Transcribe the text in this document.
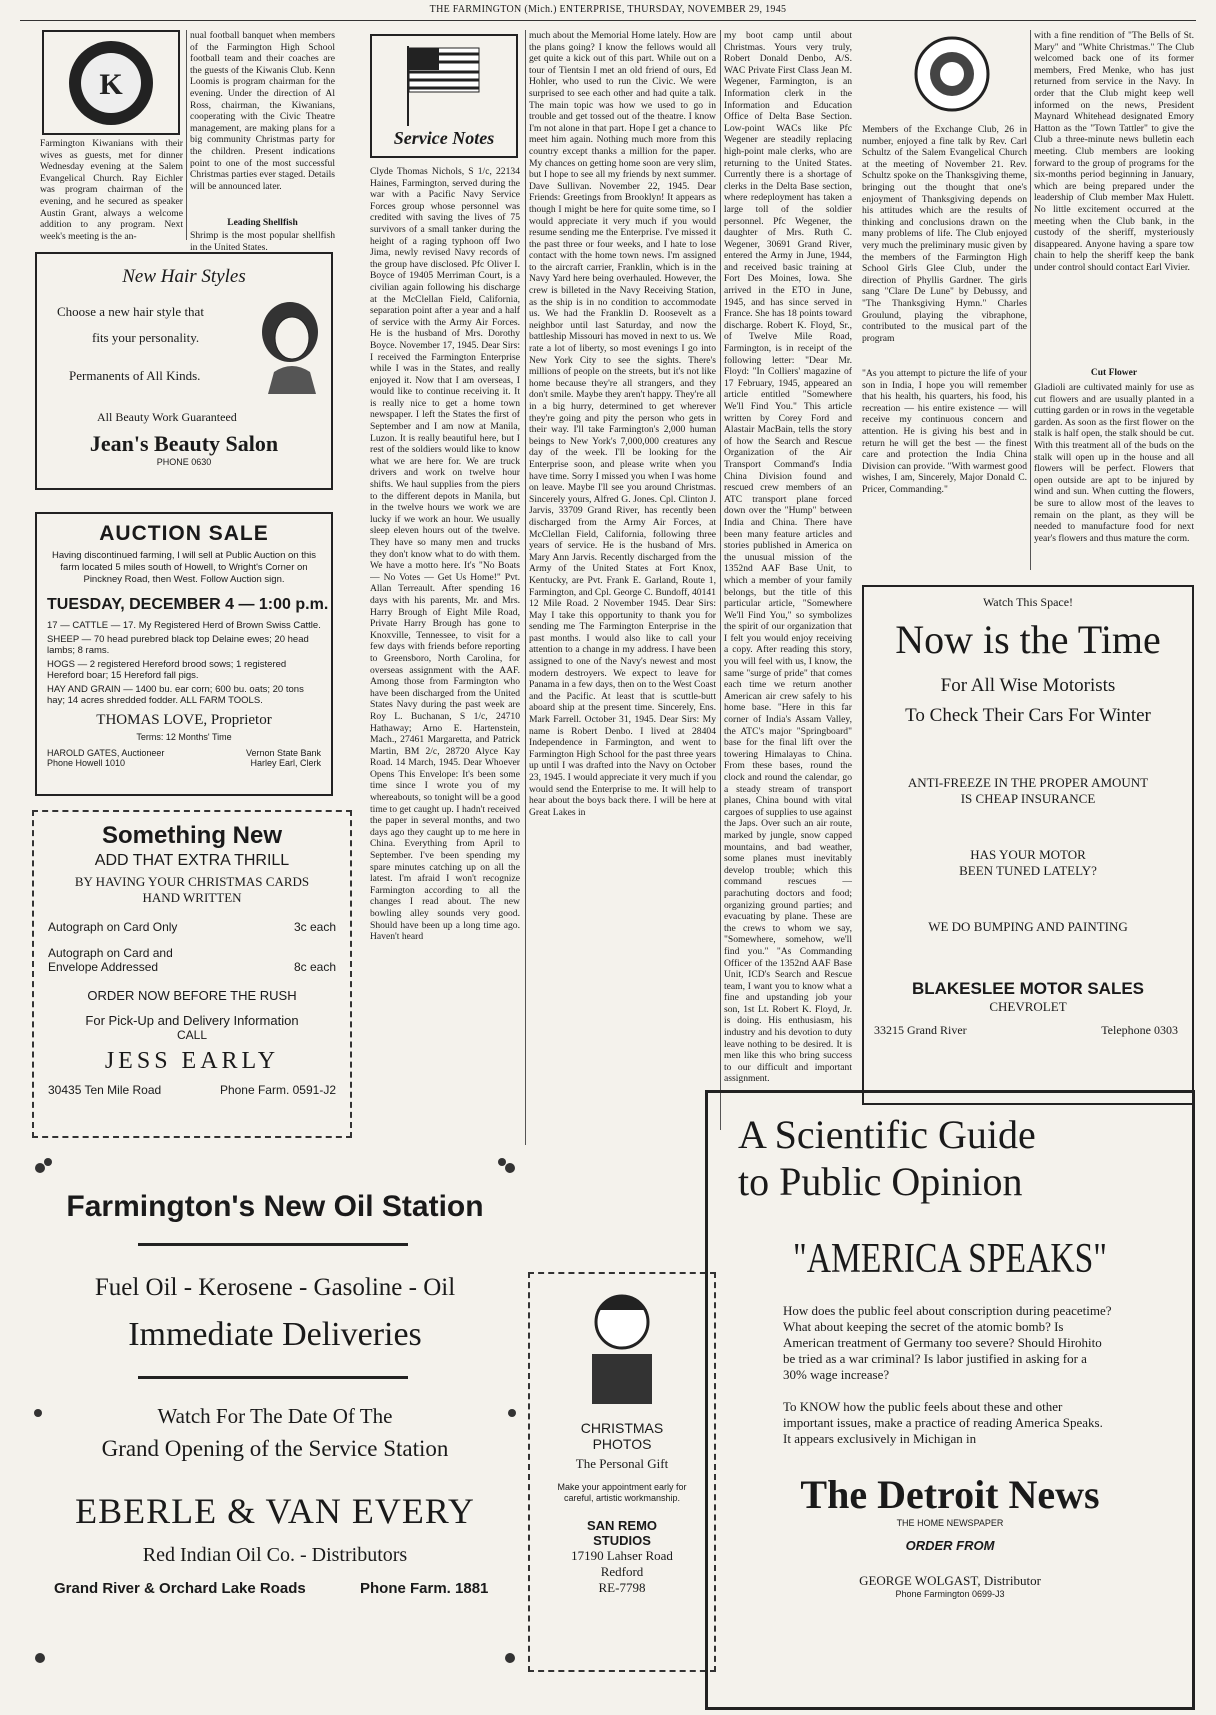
THE FARMINGTON (Mich.) ENTERPRISE, THURSDAY, NOVEMBER 29, 1945
K
Farmington Kiwanians with their wives as guests, met for dinner Wednesday evening at the Salem Evangelical Church. Ray Eichler was program chairman of the evening, and he secured as speaker Austin Grant, always a welcome addition to any program. Next week's meeting is the an-
nual football banquet when members of the Farmington High School football team and their coaches are the guests of the Kiwanis Club. Kenn Loomis is program chairman for the evening. Under the direction of Al Ross, chairman, the Kiwanians, cooperating with the Civic Theatre management, are making plans for a big community Christmas party for the children. Present indications point to one of the most successful Christmas parties ever staged. Details will be announced later.
Leading Shellfish
Shrimp is the most popular shellfish in the United States.
New Hair Styles
Choose a new hair style that
fits your personality.
Permanents of All Kinds.
All Beauty Work Guaranteed
Jean's Beauty Salon
PHONE 0630
AUCTION SALE
Having discontinued farming, I will sell at Public Auction on this farm located 5 miles south of Howell, to Wright's Corner on Pinckney Road, then West. Follow Auction sign.
TUESDAY, DECEMBER 4 — 1:00 p.m.
17 — CATTLE — 17. My Registered Herd of Brown Swiss Cattle.
SHEEP — 70 head purebred black top Delaine ewes; 20 head lambs; 8 rams.
HOGS — 2 registered Hereford brood sows; 1 registered Hereford boar; 15 Hereford fall pigs.
HAY AND GRAIN — 1400 bu. ear corn; 600 bu. oats; 20 tons hay; 14 acres shredded fodder. ALL FARM TOOLS.
THOMAS LOVE, Proprietor
Terms: 12 Months' Time
HAROLD GATES, Auctioneer	Vernon State Bank
Phone Howell 1010	Harley Earl, Clerk
Something New
ADD THAT EXTRA THRILL
BY HAVING YOUR CHRISTMAS CARDS
HAND WRITTEN
Autograph on Card Only	3c each
Autograph on Card and Envelope Addressed	8c each
ORDER NOW BEFORE THE RUSH
For Pick-Up and Delivery Information
CALL
JESS EARLY
30435 Ten Mile Road	Phone Farm. 0591-J2
Farmington's New Oil Station
Fuel Oil - Kerosene - Gasoline - Oil
Immediate Deliveries
Watch For The Date Of The
Grand Opening of the Service Station
EBERLE & VAN EVERY
Red Indian Oil Co. - Distributors
Grand River & Orchard Lake Roads	Phone Farm. 1881
Service Notes
Clyde Thomas Nichols, S 1/c, 22134 Haines, Farmington, served during the war with a Pacific Navy Service Forces group whose personnel was credited with saving the lives of 75 survivors of a small tanker during the height of a raging typhoon off Iwo Jima, newly revised Navy records of the group have disclosed. Pfc Oliver I. Boyce of 19405 Merriman Court, is a civilian again following his discharge at the McClellan Field, California, separation point after a year and a half of service with the Army Air Forces. He is the husband of Mrs. Dorothy Boyce. November 17, 1945. Dear Sirs: I received the Farmington Enterprise while I was in the States, and really enjoyed it. Now that I am overseas, I would like to continue receiving it. It is really nice to get a home town newspaper. I left the States the first of September and I am now at Manila, Luzon. It is really beautiful here, but I rest of the soldiers would like to know what we are here for. We are truck drivers and work on twelve hour shifts. We haul supplies from the piers to the different depots in Manila, but in the twelve hours we work we are lucky if we work an hour. We usually sleep eleven hours out of the twelve. They have so many men and trucks they don't know what to do with them. We have a motto here. It's "No Boats — No Votes — Get Us Home!" Pvt. Allan Terreault. After spending 16 days with his parents, Mr. and Mrs. Harry Brough of Eight Mile Road, Private Harry Brough has gone to Knoxville, Tennessee, to visit for a few days with friends before reporting to Greensboro, North Carolina, for overseas assignment with the AAF. Among those from Farmington who have been discharged from the United States Navy during the past week are Roy L. Buchanan, S 1/c, 24710 Hathaway; Arno E. Hartenstein, Mach., 27461 Margaretta, and Patrick Martin, BM 2/c, 28720 Alyce Kay Road. 14 March, 1945. Dear Whoever Opens This Envelope: It's been some time since I wrote you of my whereabouts, so tonight will be a good time to get caught up. I hadn't received the paper in several months, and two days ago they caught up to me here in China. Everything from April to September. I've been spending my spare minutes catching up on all the latest. I'm afraid I won't recognize Farmington according to all the changes I read about. The new bowling alley sounds very good. Should have been up a long time ago. Haven't heard
much about the Memorial Home lately. How are the plans going? I know the fellows would all get quite a kick out of this part. While out on a tour of Tientsin I met an old friend of ours, Ed Hohler, who used to run the Civic. We were surprised to see each other and had quite a talk. The main topic was how we used to go in trouble and get tossed out of the theatre. I know I'm not alone in that part. Hope I get a chance to meet him again. Nothing much more from this country except thanks a million for the paper. My chances on getting home soon are very slim, but I hope to see all my friends by next summer. Dave Sullivan. November 22, 1945. Dear Friends: Greetings from Brooklyn! It appears as though I might be here for quite some time, so I would appreciate it very much if you would resume sending me the Enterprise. I've missed it the past three or four weeks, and I hate to lose contact with the home town news. I'm assigned to the aircraft carrier, Franklin, which is in the Navy Yard here being overhauled. However, the crew is billeted in the Navy Receiving Station, as the ship is in no condition to accommodate us. We had the Franklin D. Roosevelt as a neighbor until last Saturday, and now the battleship Missouri has moved in next to us. We rate a lot of liberty, so most evenings I go into New York City to see the sights. There's millions of people on the streets, but it's not like home because they're all strangers, and they don't smile. Maybe they aren't happy. They're all in a big hurry, determined to get wherever they're going and pity the person who gets in their way. I'll take Farmington's 2,000 human beings to New York's 7,000,000 creatures any day of the week. I'll be looking for the Enterprise soon, and please write when you have time. Sorry I missed you when I was home on leave. Maybe I'll see you around Christmas. Sincerely yours, Alfred G. Jones. Cpl. Clinton J. Jarvis, 33709 Grand River, has recently been discharged from the Army Air Forces, at McClellan Field, California, following three years of service. He is the husband of Mrs. Mary Ann Jarvis. Recently discharged from the Army of the United States at Fort Knox, Kentucky, are Pvt. Frank E. Garland, Route 1, Farmington, and Cpl. George C. Bundoff, 40141 12 Mile Road. 2 November 1945. Dear Sirs: May I take this opportunity to thank you for sending me The Farmington Enterprise in the past months. I would also like to call your attention to a change in my address. I have been assigned to one of the Navy's newest and most modern destroyers. We expect to leave for Panama in a few days, then on to the West Coast and the Pacific. At least that is scuttle-butt aboard ship at the present time. Sincerely, Ens. Mark Farrell. October 31, 1945. Dear Sirs: My name is Robert Denbo. I lived at 28404 Independence in Farmington, and went to Farmington High School for the past three years up until I was drafted into the Navy on October 23, 1945. I would appreciate it very much if you would send the Enterprise to me. It will help to hear about the boys back there. I will be here at Great Lakes in
my boot camp until about Christmas. Yours very truly, Robert Donald Denbo, A/S. WAC Private First Class Jean M. Wegener, Farmington, is an Information clerk in the Information and Education Office of Delta Base Section. Low-point WACs like Pfc Wegener are steadily replacing high-point male clerks, who are returning to the United States. Currently there is a shortage of clerks in the Delta Base section, where redeployment has taken a large toll of the soldier personnel. Pfc Wegener, the daughter of Mrs. Ruth C. Wegener, 30691 Grand River, entered the Army in June, 1944, and received basic training at Fort Des Moines, Iowa. She arrived in the ETO in June, 1945, and has since served in France. She has 18 points toward discharge. Robert K. Floyd, Sr., of Twelve Mile Road, Farmington, is in receipt of the following letter: "Dear Mr. Floyd: "In Colliers' magazine of 17 February, 1945, appeared an article entitled "Somewhere We'll Find You." This article written by Corey Ford and Alastair MacBain, tells the story of how the Search and Rescue Organization of the Air Transport Command's India China Division found and rescued crew members of an ATC transport plane forced down over the "Hump" between India and China. There have been many feature articles and stories published in America on the unusual mission of the 1352nd AAF Base Unit, to which a member of your family belongs, but the title of this particular article, "Somewhere We'll Find You," so symbolizes the spirit of our organization that I felt you would enjoy receiving a copy. After reading this story, you will feel with us, I know, the same "surge of pride" that comes each time we return another American air crew safely to his home base. "Here in this far corner of India's Assam Valley, the ATC's major "Springboard" base for the final lift over the towering Himalayas to China. From these bases, round the clock and round the calendar, go a steady stream of transport planes, China bound with vital cargoes of supplies to use against the Japs. Over such an air route, marked by jungle, snow capped mountains, and bad weather, some planes must inevitably develop trouble; which this command rescues — parachuting doctors and food; organizing ground parties; and evacuating by plane. These are the crews to whom we say, "Somewhere, somehow, we'll find you." "As Commanding Officer of the 1352nd AAF Base Unit, ICD's Search and Rescue team, I want you to know what a fine and upstanding job your son, 1st Lt. Robert K. Floyd, Jr. is doing. His enthusiasm, his industry and his devotion to duty leave nothing to be desired. It is men like this who bring success to our difficult and important assignment.
CHRISTMAS
PHOTOS
The Personal Gift
Make your appointment early for careful, artistic workmanship.
SAN REMO
STUDIOS
17190 Lahser Road
Redford
RE-7798
Members of the Exchange Club, 26 in number, enjoyed a fine talk by Rev. Carl Schultz of the Salem Evangelical Church at the meeting of November 21. Rev. Schultz spoke on the Thanksgiving theme, bringing out the thought that one's enjoyment of Thanksgiving depends on his attitudes which are the results of thinking and conclusions drawn on the many problems of life. The Club enjoyed very much the preliminary music given by the members of the Farmington High School Girls Glee Club, under the direction of Phyllis Gardner. The girls sang "Clare De Lune" by Debussy, and "The Thanksgiving Hymn." Charles Groulund, playing the vibraphone, contributed to the musical part of the program
with a fine rendition of "The Bells of St. Mary" and "White Christmas." The Club welcomed back one of its former members, Fred Menke, who has just returned from service in the Navy. In order that the Club might keep well informed on the news, President Maynard Whitehead designated Emory Hatton as the "Town Tattler" to give the Club a three-minute news bulletin each meeting. Club members are looking forward to the group of programs for the six-months period beginning in January, which are being prepared under the leadership of Club member Max Hulett. No little excitement occurred at the meeting when the Club bank, in the custody of the sheriff, mysteriously disappeared. Anyone having a spare tow chain to help the sheriff keep the bank under control should contact Earl Vivier.
"As you attempt to picture the life of your son in India, I hope you will remember that his health, his quarters, his food, his recreation — his entire existence — will receive my continuous concern and attention. He is giving his best and in return he will get the best — the finest care and protection the India China Division can provide. "With warmest good wishes, I am, Sincerely, Major Donald C. Pricer, Commanding."
Cut Flower
Gladioli are cultivated mainly for use as cut flowers and are usually planted in a cutting garden or in rows in the vegetable garden. As soon as the first flower on the stalk is half open, the stalk should be cut. With this treatment all of the buds on the stalk will open up in the house and all flowers will be perfect. Flowers that open outside are apt to be injured by wind and sun. When cutting the flowers, be sure to allow most of the leaves to remain on the plant, as they will be needed to manufacture food for next year's flowers and thus mature the corm.
Watch This Space!
Now is the Time
For All Wise Motorists
To Check Their Cars For Winter
ANTI-FREEZE IN THE PROPER AMOUNT
IS CHEAP INSURANCE
HAS YOUR MOTOR
BEEN TUNED LATELY?
WE DO BUMPING AND PAINTING
BLAKESLEE MOTOR SALES
CHEVROLET
33215 Grand River	Telephone 0303
A Scientific Guide
to Public Opinion
"AMERICA SPEAKS"
How does the public feel about conscription during peacetime? What about keeping the secret of the atomic bomb? Is American treatment of Germany too severe? Should Hirohito be tried as a war criminal? Is labor justified in asking for a 30% wage increase?
To KNOW how the public feels about these and other important issues, make a practice of reading America Speaks. It appears exclusively in Michigan in
The Detroit News
THE HOME NEWSPAPER
ORDER FROM
GEORGE WOLGAST, Distributor
Phone Farmington 0699-J3
